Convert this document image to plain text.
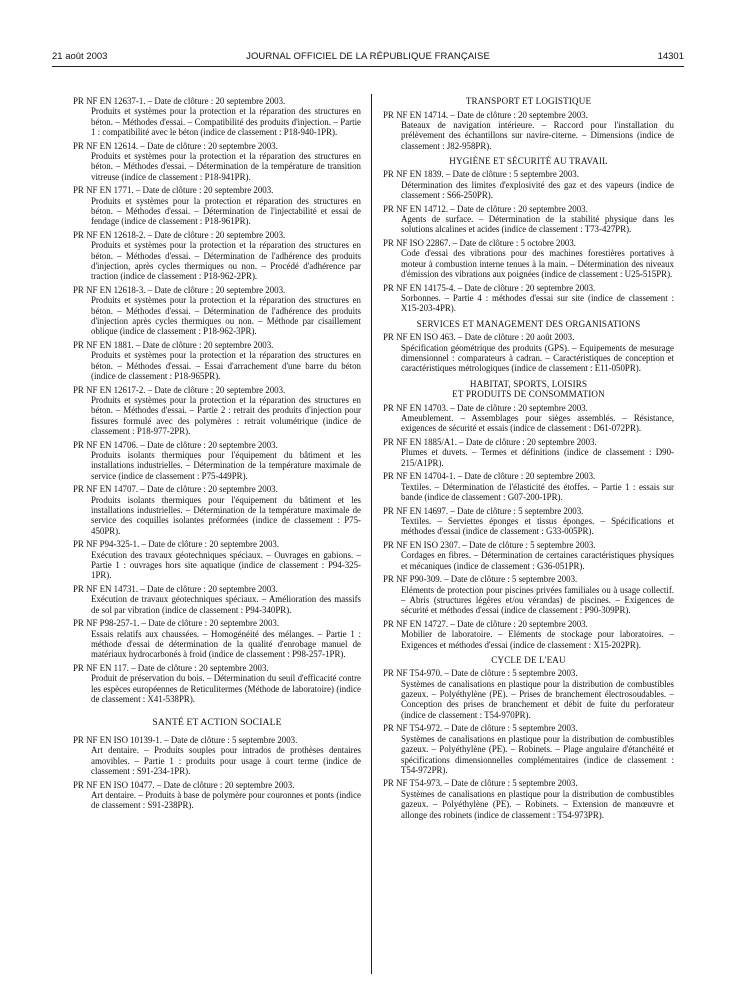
21 août 2003	JOURNAL OFFICIEL DE LA RÉPUBLIQUE FRANÇAISE	14301
PR NF EN 12637-1. – Date de clôture : 20 septembre 2003.
Produits et systèmes pour la protection et la réparation des structures en béton. – Méthodes d'essai. – Compatibilité des produits d'injection. – Partie 1 : compatibilité avec le béton (indice de classement : P18-940-1PR).
PR NF EN 12614. – Date de clôture : 20 septembre 2003.
Produits et systèmes pour la protection et la réparation des structures en béton. – Méthodes d'essai. – Détermination de la température de transition vitreuse (indice de classement : P18-941PR).
PR NF EN 1771. – Date de clôture : 20 septembre 2003.
Produits et systèmes pour la protection et réparation des structures en béton. – Méthodes d'essai. – Détermination de l'injectabilité et essai de fendage (indice de classement : P18-961PR).
PR NF EN 12618-2. – Date de clôture : 20 septembre 2003.
Produits et systèmes pour la protection et la réparation des structures en béton. – Méthodes d'essai. – Détermination de l'adhérence des produits d'injection, après cycles thermiques ou non. – Procédé d'adhérence par traction (indice de classement : P18-962-2PR).
PR NF EN 12618-3. – Date de clôture : 20 septembre 2003.
Produits et systèmes pour la protection et la réparation des structures en béton. – Méthodes d'essai. – Détermination de l'adhérence des produits d'injection après cycles thermiques ou non. – Méthode par cisaillement oblique (indice de classement : P18-962-3PR).
PR NF EN 1881. – Date de clôture : 20 septembre 2003.
Produits et systèmes pour la protection et la réparation des structures en béton. – Méthodes d'essai. – Essai d'arrachement d'une barre du béton (indice de classement : P18-965PR).
PR NF EN 12617-2. – Date de clôture : 20 septembre 2003.
Produits et systèmes pour la protection et la réparation des structures en béton. – Méthodes d'essai. – Partie 2 : retrait des produits d'injection pour fissures formulé avec des polymères : retrait volumétrique (indice de classement : P18-977-2PR).
PR NF EN 14706. – Date de clôture : 20 septembre 2003.
Produits isolants thermiques pour l'équipement du bâtiment et les installations industrielles. – Détermination de la température maximale de service (indice de classement : P75-449PR).
PR NF EN 14707. – Date de clôture : 20 septembre 2003.
Produits isolants thermiques pour l'équipement du bâtiment et les installations industrielles. – Détermination de la température maximale de service des coquilles isolantes préformées (indice de classement : P75-450PR).
PR NF P94-325-1. – Date de clôture : 20 septembre 2003.
Exécution des travaux géotechniques spéciaux. – Ouvrages en gabions. – Partie 1 : ouvrages hors site aquatique (indice de classement : P94-325-1PR).
PR NF EN 14731. – Date de clôture : 20 septembre 2003.
Exécution de travaux géotechniques spéciaux. – Amélioration des massifs de sol par vibration (indice de classement : P94-340PR).
PR NF P98-257-1. – Date de clôture : 20 septembre 2003.
Essais relatifs aux chaussées. – Homogénéité des mélanges. – Partie 1 : méthode d'essai de détermination de la qualité d'enrobage manuel de matériaux hydrocarbonés à froid (indice de classement : P98-257-1PR).
PR NF EN 117. – Date de clôture : 20 septembre 2003.
Produit de préservation du bois. – Détermination du seuil d'efficacité contre les espèces européennes de Reticulitermes (Méthode de laboratoire) (indice de classement : X41-538PR).
SANTÉ ET ACTION SOCIALE
PR NF EN ISO 10139-1. – Date de clôture : 5 septembre 2003.
Art dentaire. – Produits souples pour intrados de prothèses dentaires amovibles. – Partie 1 : produits pour usage à court terme (indice de classement : S91-234-1PR).
PR NF EN ISO 10477. – Date de clôture : 20 septembre 2003.
Art dentaire. – Produits à base de polymère pour couronnes et ponts (indice de classement : S91-238PR).
TRANSPORT ET LOGISTIQUE
PR NF EN 14714. – Date de clôture : 20 septembre 2003.
Bateaux de navigation intérieure. – Raccord pour l'installation du prélèvement des échantillons sur navire-citerne. – Dimensions (indice de classement : J82-958PR).
HYGIÈNE ET SÉCURITÉ AU TRAVAIL
PR NF EN 1839. – Date de clôture : 5 septembre 2003.
Détermination des limites d'explosivité des gaz et des vapeurs (indice de classement : S66-250PR).
PR NF EN 14712. – Date de clôture : 20 septembre 2003.
Agents de surface. – Détermination de la stabilité physique dans les solutions alcalines et acides (indice de classement : T73-427PR).
PR NF ISO 22867. – Date de clôture : 5 octobre 2003.
Code d'essai des vibrations pour des machines forestières portatives à moteur à combustion interne tenues à la main. – Détermination des niveaux d'émission des vibrations aux poignées (indice de classement : U25-515PR).
PR NF EN 14175-4. – Date de clôture : 20 septembre 2003.
Sorbonnes. – Partie 4 : méthodes d'essai sur site (indice de classement : X15-203-4PR).
SERVICES ET MANAGEMENT DES ORGANISATIONS
PR NF EN ISO 463. – Date de clôture : 20 août 2003.
Spécification géométrique des produits (GPS). – Equipements de mesurage dimensionnel : comparateurs à cadran. – Caractéristiques de conception et caractéristiques métrologiques (indice de classement : E11-050PR).
HABITAT, SPORTS, LOISIRS
ET PRODUITS DE CONSOMMATION
PR NF EN 14703. – Date de clôture : 20 septembre 2003.
Ameublement. – Assemblages pour sièges assemblés. – Résistance, exigences de sécurité et essais (indice de classement : D61-072PR).
PR NF EN 1885/A1. – Date de clôture : 20 septembre 2003.
Plumes et duvets. – Termes et définitions (indice de classement : D90-215/A1PR).
PR NF EN 14704-1. – Date de clôture : 20 septembre 2003.
Textiles. – Détermination de l'élasticité des étoffes. – Partie 1 : essais sur bande (indice de classement : G07-200-1PR).
PR NF EN 14697. – Date de clôture : 5 septembre 2003.
Textiles. – Serviettes éponges et tissus éponges. – Spécifications et méthodes d'essai (indice de classement : G33-005PR).
PR NF EN ISO 2307. – Date de clôture : 5 septembre 2003.
Cordages en fibres. – Détermination de certaines caractéristiques physiques et mécaniques (indice de classement : G36-051PR).
PR NF P90-309. – Date de clôture : 5 septembre 2003.
Eléments de protection pour piscines privées familiales ou à usage collectif. – Abris (structures légères et/ou vérandas) de piscines. – Exigences de sécurité et méthodes d'essai (indice de classement : P90-309PR).
PR NF EN 14727. – Date de clôture : 20 septembre 2003.
Mobilier de laboratoire. – Eléments de stockage pour laboratoires. – Exigences et méthodes d'essai (indice de classement : X15-202PR).
CYCLE DE L'EAU
PR NF T54-970. – Date de clôture : 5 septembre 2003.
Systèmes de canalisations en plastique pour la distribution de combustibles gazeux. – Polyéthylène (PE). – Prises de branchement électrosoudables. – Conception des prises de branchement et débit de fuite du perforateur (indice de classement : T54-970PR).
PR NF T54-972. – Date de clôture : 5 septembre 2003.
Systèmes de canalisations en plastique pour la distribution de combustibles gazeux. – Polyéthylène (PE). – Robinets. – Plage angulaire d'étanchéité et spécifications dimensionnelles complémentaires (indice de classement : T54-972PR).
PR NF T54-973. – Date de clôture : 5 septembre 2003.
Systèmes de canalisations en plastique pour la distribution de combustibles gazeux. – Polyéthylène (PE). – Robinets. – Extension de manœuvre et allonge des robinets (indice de classement : T54-973PR).
